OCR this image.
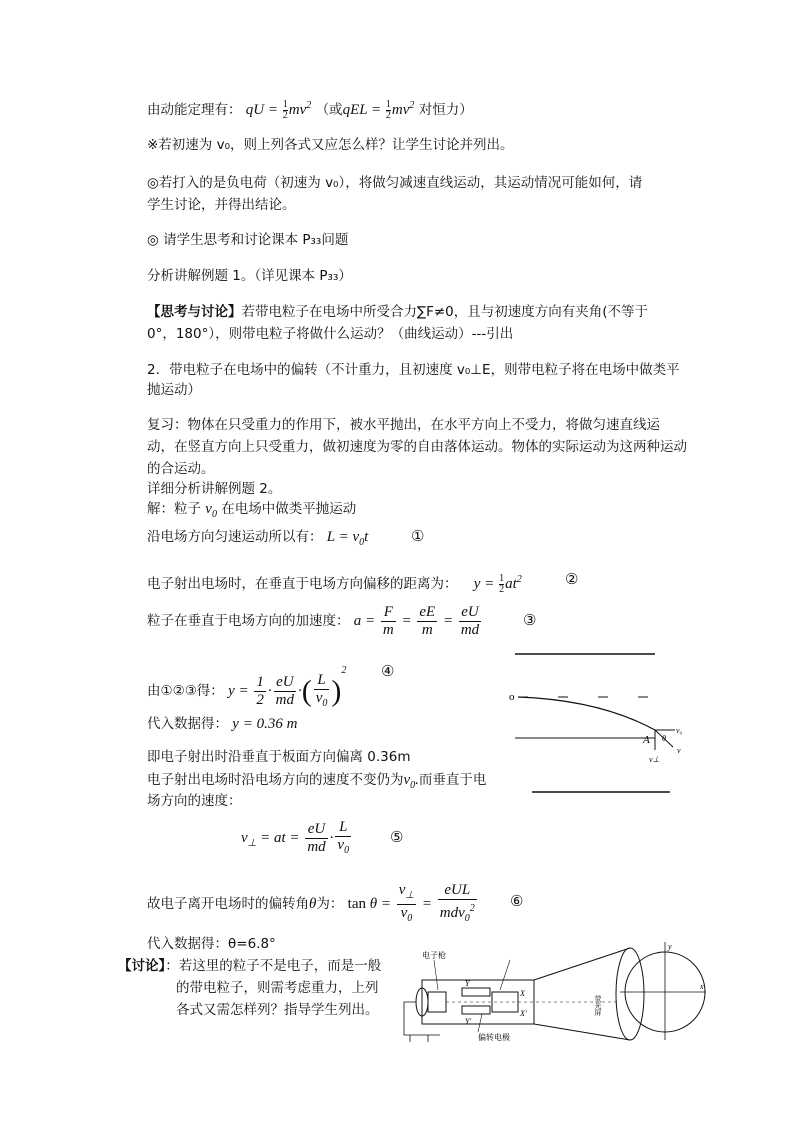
由动能定理有： qU = $\frac{1}{2} mv^2$ （或qEL = $\frac{1}{2} mv^2$ 对恒力）
※若初速为 v₀，则上列各式又应怎么样？让学生讨论并列出。
◎若打入的是负电荷（初速为 v₀），将做匀减速直线运动，其运动情况可能如何，请
学生讨论，并得出结论。
◎ 请学生思考和讨论课本 P₃₃问题
分析讲解例题 1。（详见课本 P₃₃）
【思考与讨论】若带电粒子在电场中所受合力∑F≠0，且与初速度方向有夹角(不等于
0°，180°），则带电粒子将做什么运动？（曲线运动）---引出
2．带电粒子在电场中的偏转（不计重力，且初速度 v₀⊥E，则带电粒子将在电场中做类平
抛运动）
复习：物体在只受重力的作用下，被水平抛出，在水平方向上不受力，将做匀速直线运
动，在竖直方向上只受重力，做初速度为零的自由落体运动。物体的实际运动为这两种运动
的合运动。
详细分析讲解例题 2。
解：粒子 $v_0$ 在电场中做类平抛运动
沿电场方向匀速运动所以有： $L = v_0t$	①
电子射出电场时，在垂直于电场方向偏移的距离为： $y = \frac{1}{2} at^2$	②
粒子在垂直于电场方向的加速度： $a = \frac{F}{m} = \frac{eE}{m} = \frac{eU}{md}$	③
由①②③得： $y = \frac{1}{2} \cdot \frac{eU}{md}$ ·( $\frac{L}{v_0} )^2$ ④
代入数据得： y = 0.36 m
即电子射出时沿垂直于板面方向偏离 0.36m
电子射出电场时沿电场方向的速度不变仍为$v_0$.而垂直于电
场方向的速度：
$v_\perp$ = at = $\frac{eU}{md} \cdot \frac{L}{v_0}$	⑤
故电子离开电场时的偏转角θ为： $\tan \theta = \frac{v_\perp}{v_0} = \frac{\text{eUL}}{mdv_0^2}$ ⑥
代入数据得：θ=6.8°
【讨论】：若这里的粒子不是电子，而是一般
的带电粒子，则需考虑重力，上列
各式又需怎样列？指导学生列出。
o
A
v₀
v
v⊥
θ
电子枪
偏转电极
荧光屏
Y
Y'
X
X'
y
x
